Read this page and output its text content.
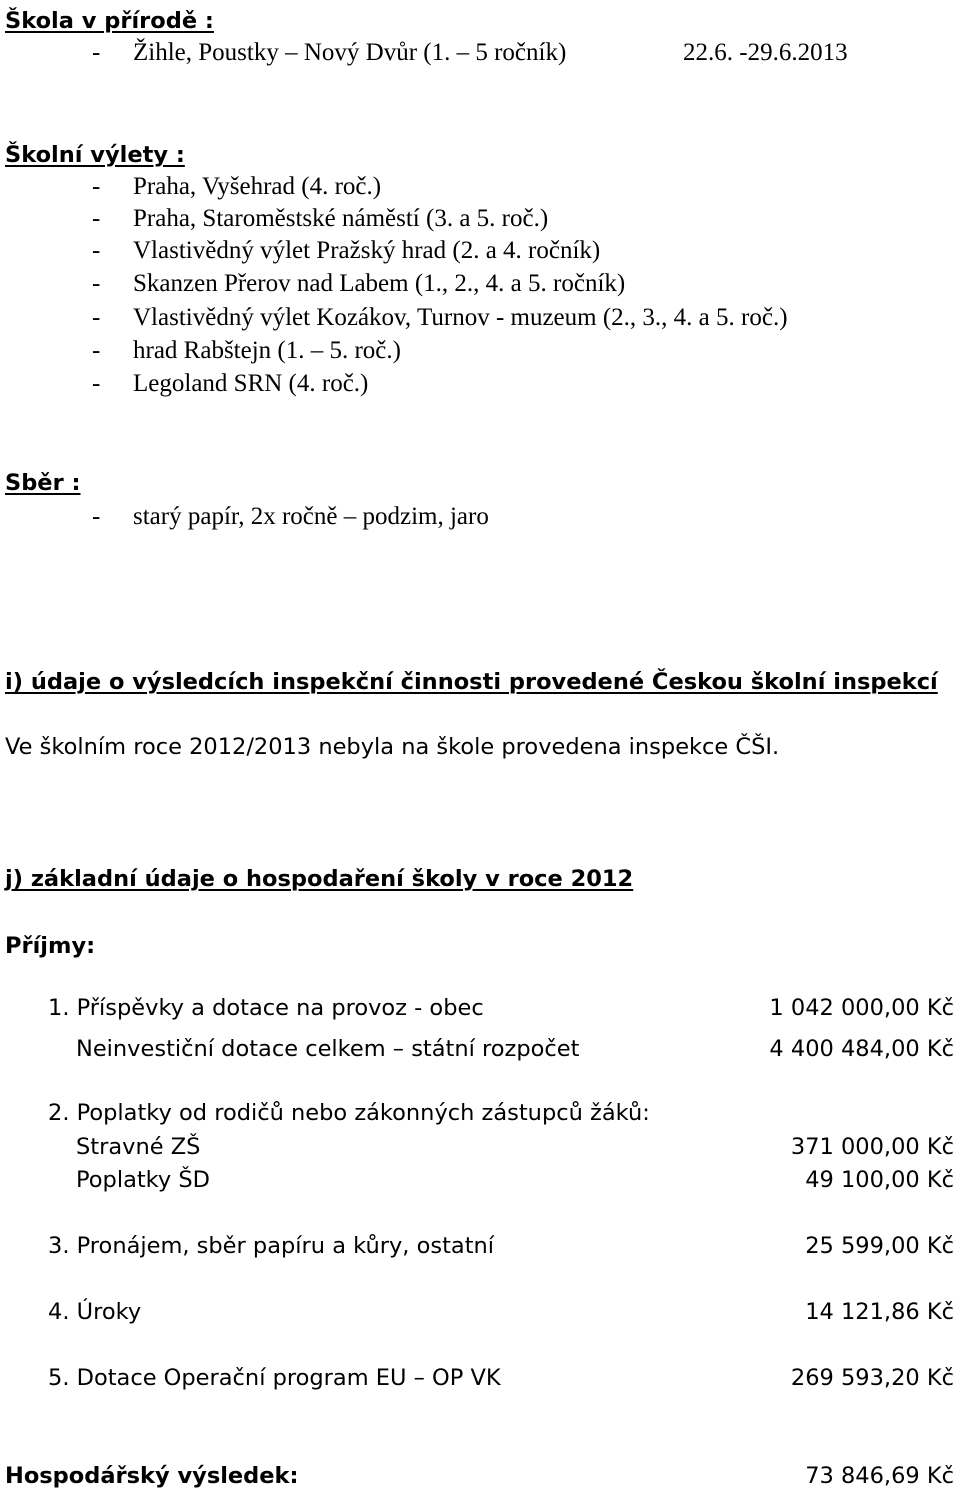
Škola v přírodě :
- Žihle, Poustky – Nový Dvůr (1. – 5 ročník)	22.6. -29.6.2013
Školní výlety :
- Praha, Vyšehrad (4. roč.)
- Praha, Staroměstské náměstí (3. a 5. roč.)
- Vlastivědný výlet Pražský hrad (2. a 4. ročník)
- Skanzen Přerov nad Labem (1., 2., 4. a 5. ročník)
- Vlastivědný výlet Kozákov, Turnov - muzeum (2., 3., 4. a 5. roč.)
- hrad Rabštejn (1. – 5. roč.)
- Legoland SRN (4. roč.)
Sběr :
- starý papír, 2x ročně – podzim, jaro
i) údaje o výsledcích inspekční činnosti provedené Českou školní inspekcí
Ve školním roce 2012/2013 nebyla na škole provedena inspekce ČŠI.
j) základní údaje o hospodaření školy v roce 2012
Příjmy:
1. Příspěvky a dotace na provoz - obec	1 042 000,00 Kč
Neinvestiční dotace celkem – státní rozpočet	4 400 484,00 Kč
2. Poplatky od rodičů nebo zákonných zástupců žáků:
Stravné ZŠ	371 000,00 Kč
Poplatky ŠD	49 100,00 Kč
3. Pronájem, sběr papíru a kůry, ostatní	25 599,00 Kč
4. Úroky	14 121,86 Kč
5. Dotace Operační program EU – OP VK	269 593,20 Kč
Hospodářský výsledek:	73 846,69 Kč
